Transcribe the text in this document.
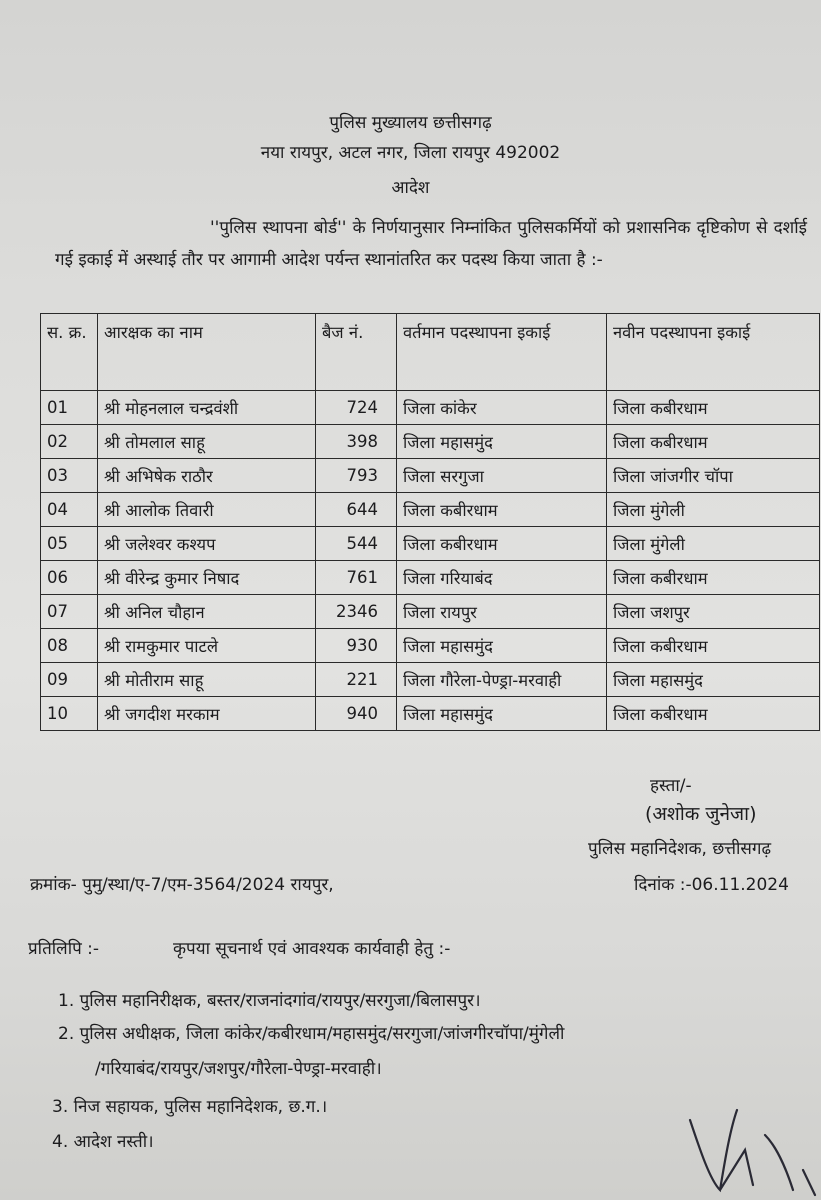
पुलिस मुख्यालय छत्तीसगढ़
नया रायपुर, अटल नगर, जिला रायपुर 492002
आदेश
''पुलिस स्थापना बोर्ड'' के निर्णयानुसार निम्नांकित पुलिसकर्मियों को प्रशासनिक दृष्टिकोण से दर्शाई गई इकाई में अस्थाई तौर पर आगामी आदेश पर्यन्त स्थानांतरित कर पदस्थ किया जाता है :-
स. क्र.	आरक्षक का नाम	बैज नं.	वर्तमान पदस्थापना इकाई	नवीन पदस्थापना इकाई
01	श्री मोहनलाल चन्द्रवंशी	724	जिला कांकेर	जिला कबीरधाम
02	श्री तोमलाल साहू	398	जिला महासमुंद	जिला कबीरधाम
03	श्री अभिषेक राठौर	793	जिला सरगुजा	जिला जांजगीर चॉपा
04	श्री आलोक तिवारी	644	जिला कबीरधाम	जिला मुंगेली
05	श्री जलेश्वर कश्यप	544	जिला कबीरधाम	जिला मुंगेली
06	श्री वीरेन्द्र कुमार निषाद	761	जिला गरियाबंद	जिला कबीरधाम
07	श्री अनिल चौहान	2346	जिला रायपुर	जिला जशपुर
08	श्री रामकुमार पाटले	930	जिला महासमुंद	जिला कबीरधाम
09	श्री मोतीराम साहू	221	जिला गौरेला-पेण्ड्रा-मरवाही	जिला महासमुंद
10	श्री जगदीश मरकाम	940	जिला महासमुंद	जिला कबीरधाम
हस्ता/-
(अशोक जुनेजा)
पुलिस महानिदेशक, छत्तीसगढ़
क्रमांक- पुमु/स्था/ए-7/एम-3564/2024 रायपुर,	दिनांक :-06.11.2024
प्रतिलिपि :-	कृपया सूचनार्थ एवं आवश्यक कार्यवाही हेतु :-
1. पुलिस महानिरीक्षक, बस्तर/राजनांदगांव/रायपुर/सरगुजा/बिलासपुर।
2. पुलिस अधीक्षक, जिला कांकेर/कबीरधाम/महासमुंद/सरगुजा/जांजगीरचॉपा/मुंगेली
/गरियाबंद/रायपुर/जशपुर/गौरेला-पेण्ड्रा-मरवाही।
3. निज सहायक, पुलिस महानिदेशक, छ.ग.।
4. आदेश नस्ती।
